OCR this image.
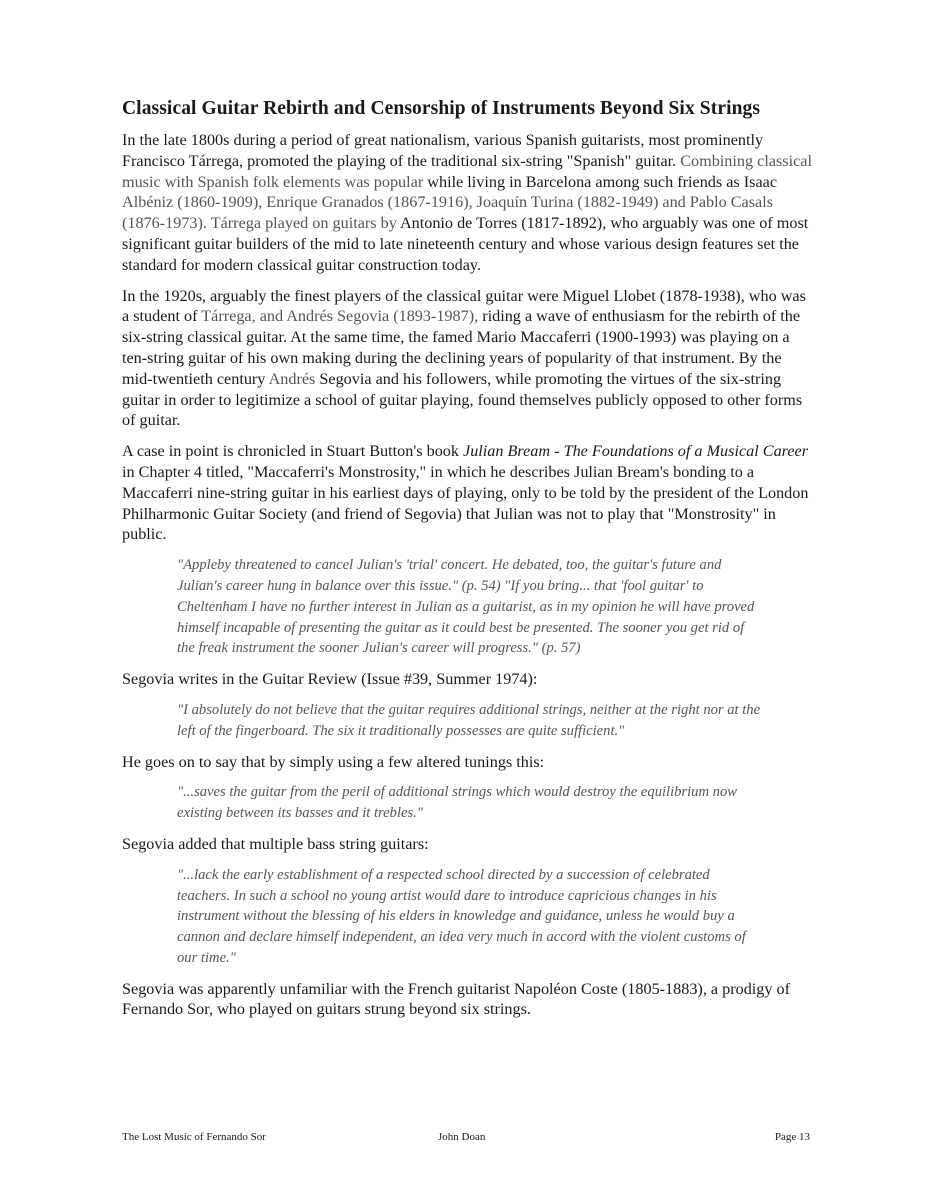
Classical Guitar Rebirth and Censorship of Instruments Beyond Six Strings

In the late 1800s during a period of great nationalism, various Spanish guitarists, most prominently Francisco Tárrega, promoted the playing of the traditional six-string "Spanish" guitar. Combining classical music with Spanish folk elements was popular while living in Barcelona among such friends as Isaac Albéniz (1860-1909), Enrique Granados (1867-1916), Joaquín Turina (1882-1949) and Pablo Casals (1876-1973). Tárrega played on guitars by Antonio de Torres (1817-1892), who arguably was one of most significant guitar builders of the mid to late nineteenth century and whose various design features set the standard for modern classical guitar construction today.

In the 1920s, arguably the finest players of the classical guitar were Miguel Llobet (1878-1938), who was a student of Tárrega, and Andrés Segovia (1893-1987), riding a wave of enthusiasm for the rebirth of the six-string classical guitar. At the same time, the famed Mario Maccaferri (1900-1993) was playing on a ten-string guitar of his own making during the declining years of popularity of that instrument. By the mid-twentieth century Andrés Segovia and his followers, while promoting the virtues of the six-string guitar in order to legitimize a school of guitar playing, found themselves publicly opposed to other forms of guitar.

A case in point is chronicled in Stuart Button's book Julian Bream - The Foundations of a Musical Career in Chapter 4 titled, "Maccaferri's Monstrosity," in which he describes Julian Bream's bonding to a Maccaferri nine-string guitar in his earliest days of playing, only to be told by the president of the London Philharmonic Guitar Society (and friend of Segovia) that Julian was not to play that "Monstrosity" in public.

"Appleby threatened to cancel Julian's 'trial' concert. He debated, too, the guitar's future and Julian's career hung in balance over this issue." (p. 54) "If you bring... that 'fool guitar' to Cheltenham I have no further interest in Julian as a guitarist, as in my opinion he will have proved himself incapable of presenting the guitar as it could best be presented. The sooner you get rid of the freak instrument the sooner Julian's career will progress." (p. 57)

Segovia writes in the Guitar Review (Issue #39, Summer 1974):

"I absolutely do not believe that the guitar requires additional strings, neither at the right nor at the left of the fingerboard. The six it traditionally possesses are quite sufficient."

He goes on to say that by simply using a few altered tunings this:

"...saves the guitar from the peril of additional strings which would destroy the equilibrium now existing between its basses and it trebles."

Segovia added that multiple bass string guitars:

"...lack the early establishment of a respected school directed by a succession of celebrated teachers. In such a school no young artist would dare to introduce capricious changes in his instrument without the blessing of his elders in knowledge and guidance, unless he would buy a cannon and declare himself independent, an idea very much in accord with the violent customs of our time."

Segovia was apparently unfamiliar with the French guitarist Napoléon Coste (1805-1883), a prodigy of Fernando Sor, who played on guitars strung beyond six strings.

The Lost Music of Fernando Sor	John Doan	Page 13
